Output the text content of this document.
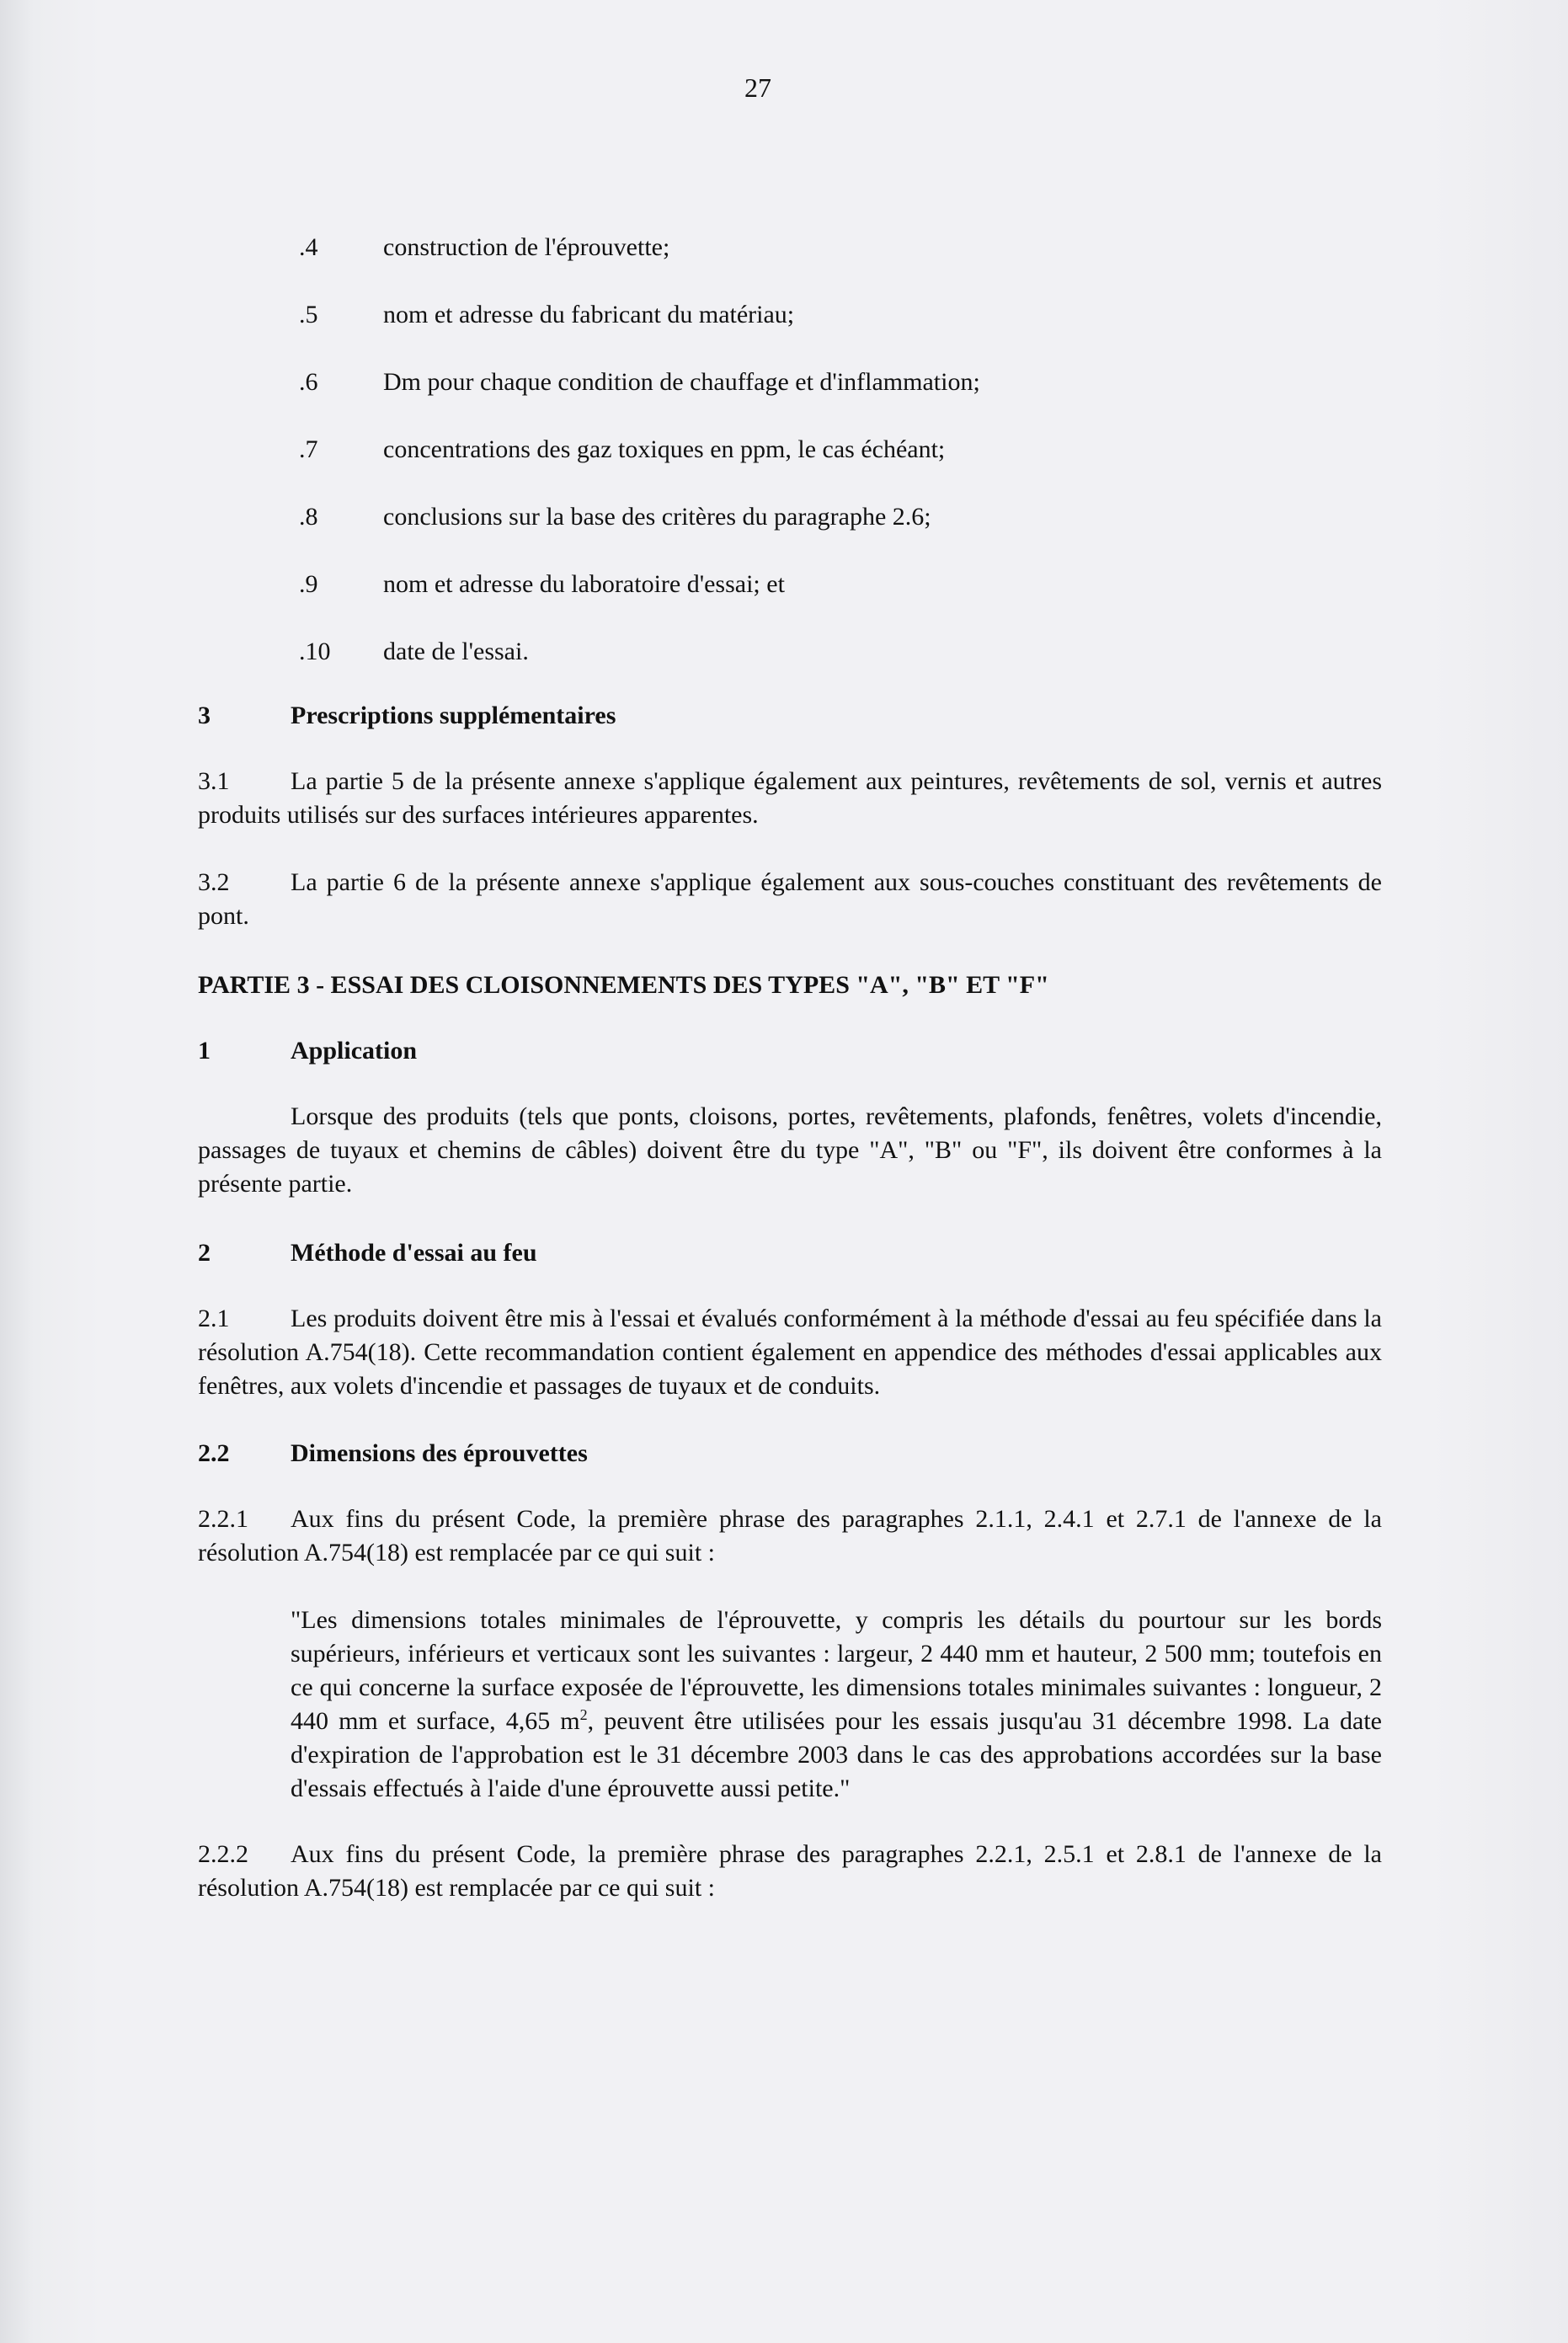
27
.4	construction de l'éprouvette;
.5	nom et adresse du fabricant du matériau;
.6	Dm pour chaque condition de chauffage et d'inflammation;
.7	concentrations des gaz toxiques en ppm, le cas échéant;
.8	conclusions sur la base des critères du paragraphe 2.6;
.9	nom et adresse du laboratoire d'essai; et
.10 date de l'essai.
3	Prescriptions supplémentaires
3.1 La partie 5 de la présente annexe s'applique également aux peintures, revêtements de sol, vernis et autres produits utilisés sur des surfaces intérieures apparentes.
3.2 La partie 6 de la présente annexe s'applique également aux sous-couches constituant des revêtements de pont.
PARTIE 3 - ESSAI DES CLOISONNEMENTS DES TYPES "A", "B" ET "F"
1	Application
Lorsque des produits (tels que ponts, cloisons, portes, revêtements, plafonds, fenêtres, volets d'incendie, passages de tuyaux et chemins de câbles) doivent être du type "A", "B" ou "F", ils doivent être conformes à la présente partie.
2	Méthode d'essai au feu
2.1 Les produits doivent être mis à l'essai et évalués conformément à la méthode d'essai au feu spécifiée dans la résolution A.754(18). Cette recommandation contient également en appendice des méthodes d'essai applicables aux fenêtres, aux volets d'incendie et passages de tuyaux et de conduits.
2.2 Dimensions des éprouvettes
2.2.1 Aux fins du présent Code, la première phrase des paragraphes 2.1.1, 2.4.1 et 2.7.1 de l'annexe de la résolution A.754(18) est remplacée par ce qui suit :
"Les dimensions totales minimales de l'éprouvette, y compris les détails du pourtour sur les bords supérieurs, inférieurs et verticaux sont les suivantes : largeur, 2 440 mm et hauteur, 2 500 mm; toutefois en ce qui concerne la surface exposée de l'éprouvette, les dimensions totales minimales suivantes : longueur, 2 440 mm et surface, 4,65 $m^2$, peuvent être utilisées pour les essais jusqu'au 31 décembre 1998. La date d'expiration de l'approbation est le 31 décembre 2003 dans le cas des approbations accordées sur la base d'essais effectués à l'aide d'une éprouvette aussi petite."
2.2.2 Aux fins du présent Code, la première phrase des paragraphes 2.2.1, 2.5.1 et 2.8.1 de l'annexe de la résolution A.754(18) est remplacée par ce qui suit :
